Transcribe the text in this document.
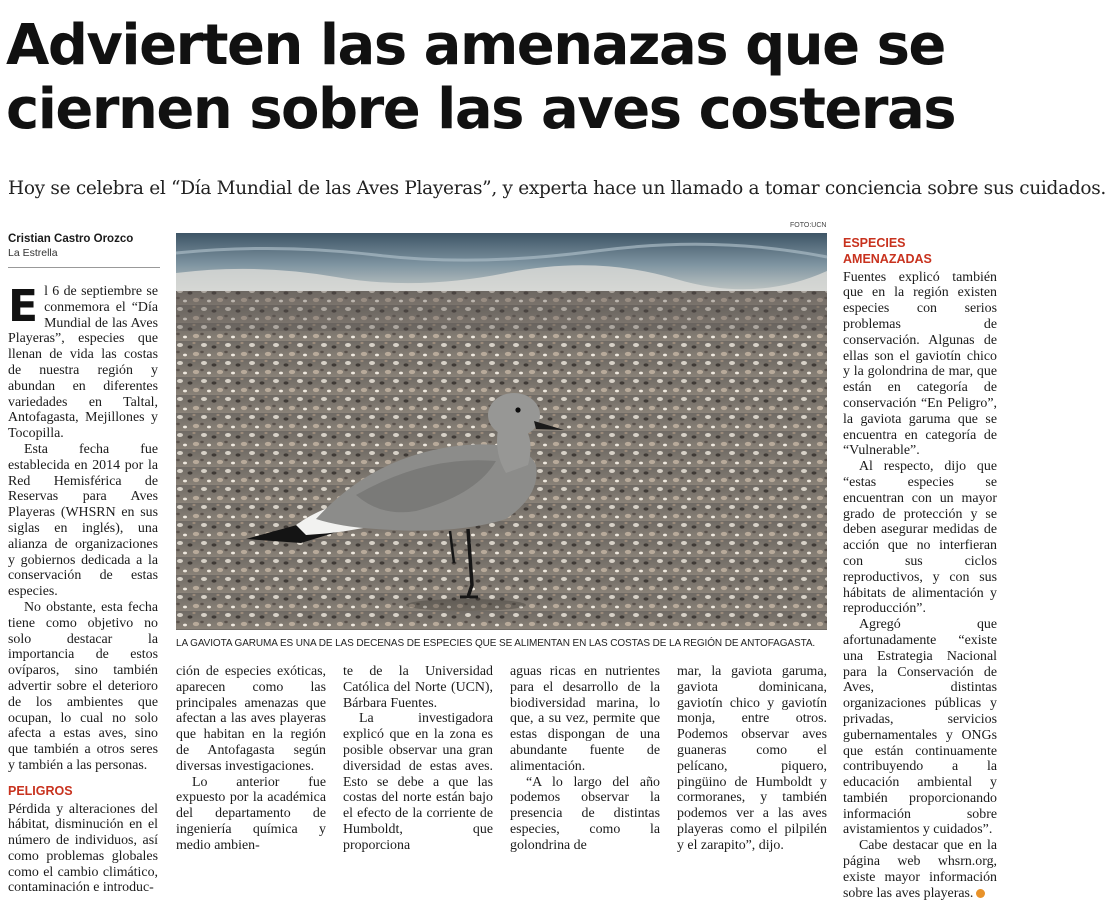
Advierten las amenazas que se ciernen sobre las aves costeras

Hoy se celebra el “Día Mundial de las Aves Playeras”, y experta hace un llamado a tomar conciencia sobre sus cuidados.

FOTO:UCN
Cristian Castro Orozco
La Estrella
E l 6 de septiembre se conmemora el “Día Mundial de las Aves Playeras”, especies que llenan de vida las costas de nuestra región y abundan en diferentes variedades en Taltal, Antofagasta, Mejillones y Tocopilla.

Esta fecha fue establecida en 2014 por la Red Hemisférica de Reservas para Aves Playeras (WHSRN en sus siglas en inglés), una alianza de organizaciones y gobiernos dedicada a la conservación de estas especies.

No obstante, esta fecha tiene como objetivo no solo destacar la importancia de estos ovíparos, sino también advertir sobre el deterioro de los ambientes que ocupan, lo cual no solo afecta a estas aves, sino que también a otros seres y también a las personas.

PELIGROS

Pérdida y alteraciones del hábitat, disminución en el número de individuos, así como problemas globales como el cambio climático, contaminación e introduc-

LA GAVIOTA GARUMA ES UNA DE LAS DECENAS DE ESPECIES QUE SE ALIMENTAN EN LAS COSTAS DE LA REGIÓN DE ANTOFAGASTA.

ción de especies exóticas, aparecen como las principales amenazas que afectan a las aves playeras que habitan en la región de Antofagasta según diversas investigaciones.

Lo anterior fue expuesto por la académica del departamento de ingeniería química y medio ambien-

te de la Universidad Católica del Norte (UCN), Bárbara Fuentes.

La investigadora explicó que en la zona es posible observar una gran diversidad de estas aves. Esto se debe a que las costas del norte están bajo el efecto de la corriente de Humboldt, que proporciona

aguas ricas en nutrientes para el desarrollo de la biodiversidad marina, lo que, a su vez, permite que estas dispongan de una abundante fuente de alimentación.

“A lo largo del año podemos observar la presencia de distintas especies, como la golondrina de

mar, la gaviota garuma, gaviota dominicana, gaviotín chico y gaviotín monja, entre otros. Podemos observar aves guaneras como el pelícano, piquero, pingüino de Humboldt y cormoranes, y también podemos ver a las aves playeras como el pilpilén y el zarapito”, dijo.

ESPECIES AMENAZADAS

Fuentes explicó también que en la región existen especies con serios problemas de conservación. Algunas de ellas son el gaviotín chico y la golondrina de mar, que están en categoría de conservación “En Peligro”, la gaviota garuma que se encuentra en categoría de “Vulnerable”.

Al respecto, dijo que “estas especies se encuentran con un mayor grado de protección y se deben asegurar medidas de acción que no interfieran con sus ciclos reproductivos, y con sus hábitats de alimentación y reproducción”.

Agregó que afortunadamente “existe una Estrategia Nacional para la Conservación de Aves, distintas organizaciones públicas y privadas, servicios gubernamentales y ONGs que están continuamente contribuyendo a la educación ambiental y también proporcionando información sobre avistamientos y cuidados”.

Cabe destacar que en la página web whsrn.org, existe mayor información sobre las aves playeras.
